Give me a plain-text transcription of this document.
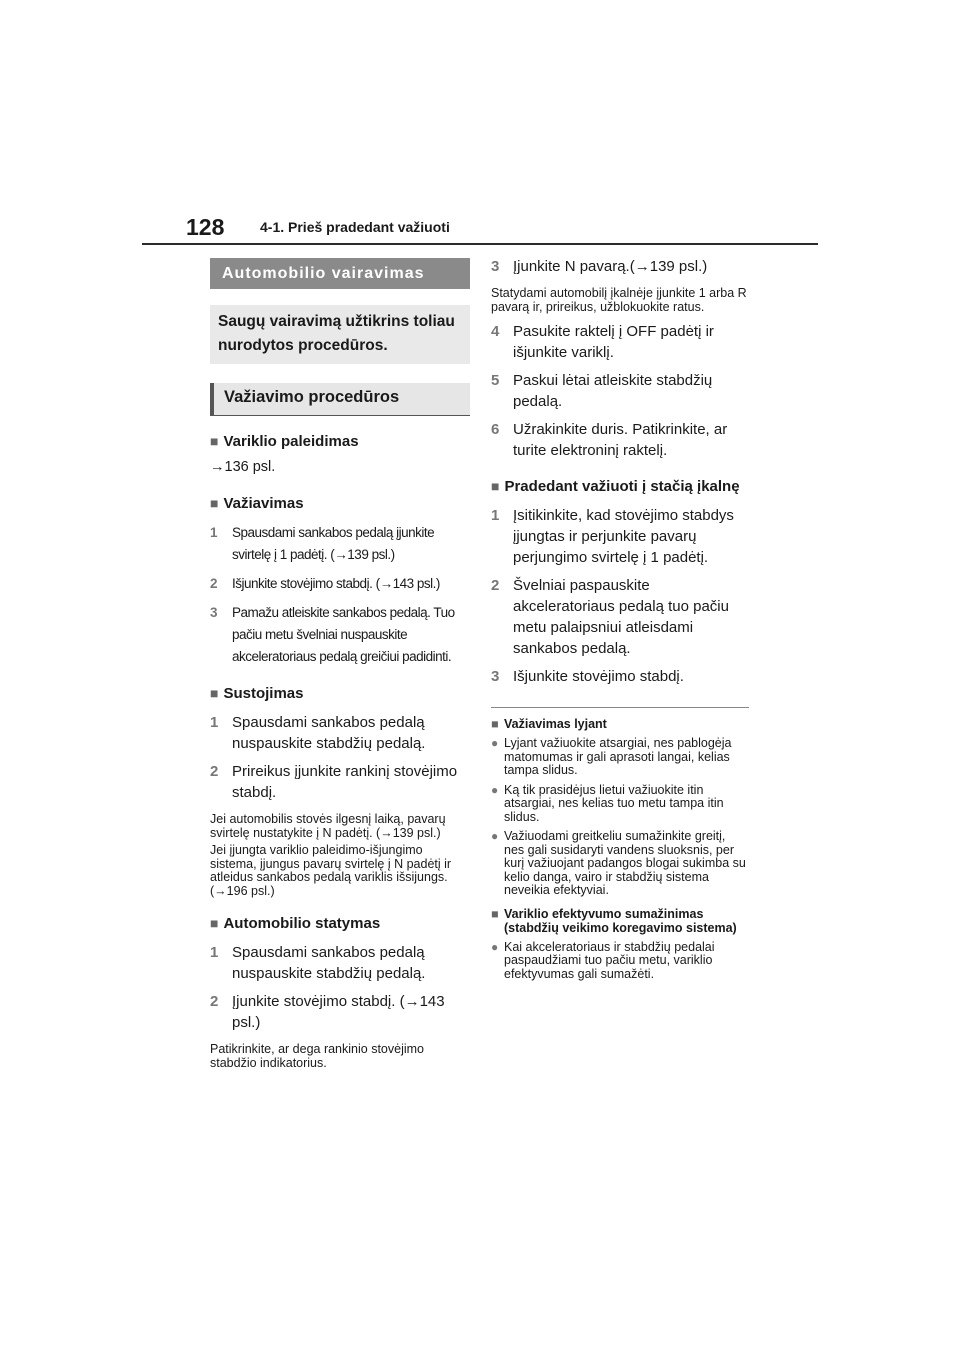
128	4-1. Prieš pradedant važiuoti
Automobilio vairavimas
Saugų vairavimą užtikrins toliau nurodytos procedūros.
Važiavimo procedūros
■ Variklio paleidimas
→136 psl.
■ Važiavimas
1 Spausdami sankabos pedalą įjunkite svirtelę į 1 padėtį. (→139 psl.)
2 Išjunkite stovėjimo stabdį. (→143 psl.)
3 Pamažu atleiskite sankabos pedalą. Tuo pačiu metu švelniai nuspauskite akceleratoriaus pedalą greičiui padidinti.
■ Sustojimas
1 Spausdami sankabos pedalą nuspauskite stabdžių pedalą.
2 Prireikus įjunkite rankinį stovėjimo stabdį.
Jei automobilis stovės ilgesnį laiką, pavarų svirtelę nustatykite į N padėtį. (→139 psl.)
Jei įjungta variklio paleidimo-išjungimo sistema, įjungus pavarų svirtelę į N padėtį ir atleidus sankabos pedalą variklis išsijungs. (→196 psl.)
■ Automobilio statymas
1 Spausdami sankabos pedalą nuspauskite stabdžių pedalą.
2 Įjunkite stovėjimo stabdį. (→143 psl.)
Patikrinkite, ar dega rankinio stovėjimo stabdžio indikatorius.
3 Įjunkite N pavarą.(→139 psl.)
Statydami automobilį įkalnėje įjunkite 1 arba R pavarą ir, prireikus, užblokuokite ratus.
4 Pasukite raktelį į OFF padėtį ir išjunkite variklį.
5 Paskui lėtai atleiskite stabdžių pedalą.
6 Užrakinkite duris. Patikrinkite, ar turite elektroninį raktelį.
■ Pradedant važiuoti į stačią įkalnę
1 Įsitikinkite, kad stovėjimo stabdys įjungtas ir perjunkite pavarų perjungimo svirtelę į 1 padėtį.
2 Švelniai paspauskite akceleratoriaus pedalą tuo pačiu metu palaipsniui atleisdami sankabos pedalą.
3 Išjunkite stovėjimo stabdį.
■ Važiavimas lyjant
● Lyjant važiuokite atsargiai, nes pablogėja matomumas ir gali aprasoti langai, kelias tampa slidus.
● Ką tik prasidėjus lietui važiuokite itin atsargiai, nes kelias tuo metu tampa itin slidus.
● Važiuodami greitkeliu sumažinkite greitį, nes gali susidaryti vandens sluoksnis, per kurį važiuojant padangos blogai sukimba su kelio danga, vairo ir stabdžių sistema neveikia efektyviai.
■ Variklio efektyvumo sumažinimas (stabdžių veikimo koregavimo sistema)
● Kai akceleratoriaus ir stabdžių pedalai paspaudžiami tuo pačiu metu, variklio efektyvumas gali sumažėti.
